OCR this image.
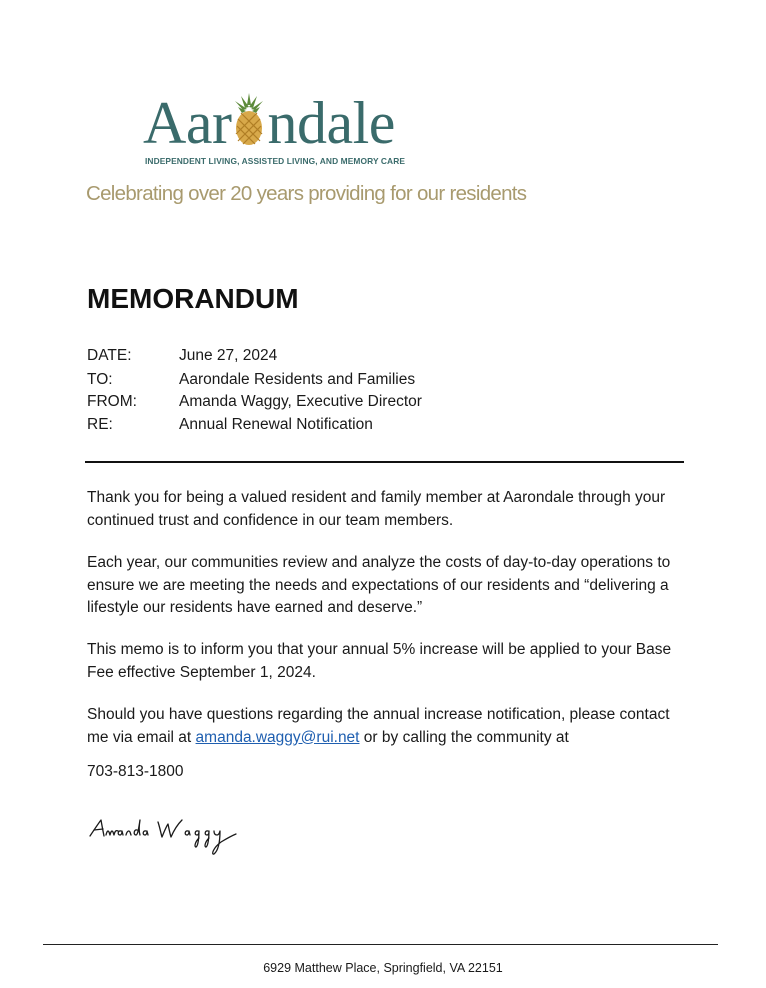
Aar ndale
INDEPENDENT LIVING, ASSISTED LIVING, AND MEMORY CARE
Celebrating over 20 years providing for our residents
MEMORANDUM
DATE:	June 27, 2024
TO:	Aarondale Residents and Families
FROM:	Amanda Waggy, Executive Director
RE:	Annual Renewal Notification
Thank you for being a valued resident and family member at Aarondale through your continued trust and confidence in our team members.
Each year, our communities review and analyze the costs of day-to-day operations to ensure we are meeting the needs and expectations of our residents and “delivering a lifestyle our residents have earned and deserve.”
This memo is to inform you that your annual 5% increase will be applied to your Base Fee effective September 1, 2024.
Should you have questions regarding the annual increase notification, please contact me via email at amanda.waggy@rui.net or by calling the community at
703-813-1800
6929 Matthew Place, Springfield, VA 22151
